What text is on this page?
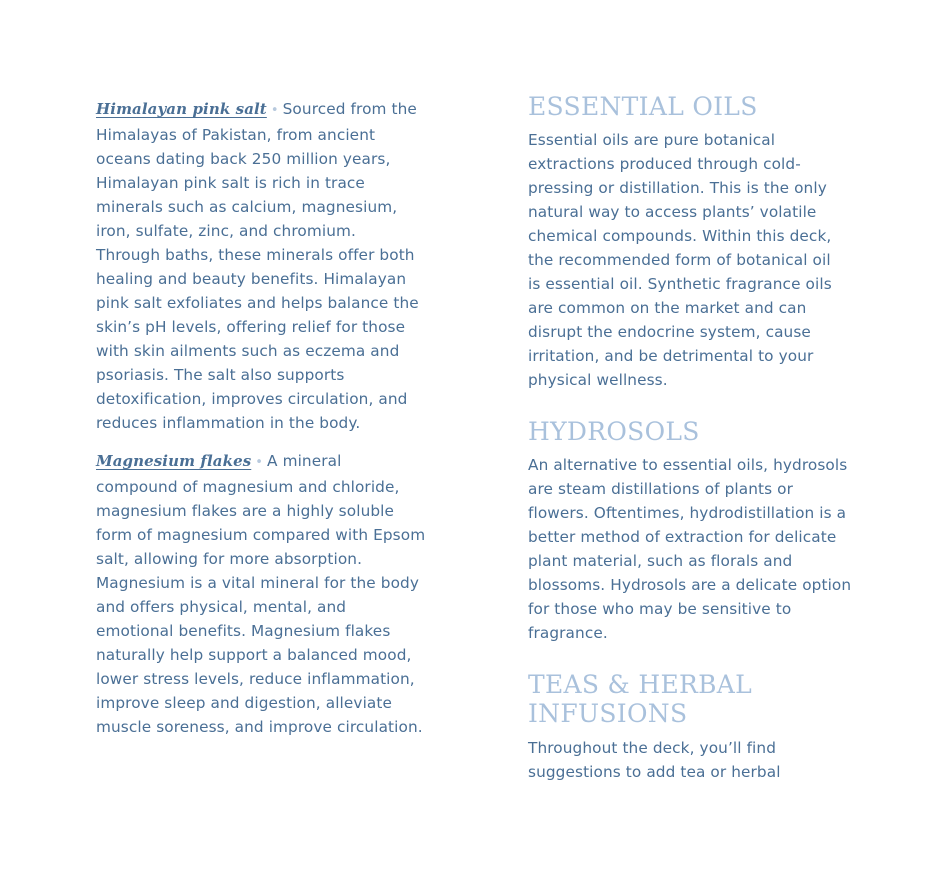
Himalayan pink salt • Sourced from the Himalayas of Pakistan, from ancient oceans dating back 250 million years, Himalayan pink salt is rich in trace minerals such as calcium, magnesium, iron, sulfate, zinc, and chromium. Through baths, these minerals offer both healing and beauty benefits. Himalayan pink salt exfoliates and helps balance the skin’s pH levels, offering relief for those with skin ailments such as eczema and psoriasis. The salt also supports detoxification, improves circulation, and reduces inflammation in the body.

Magnesium flakes • A mineral compound of magnesium and chloride, magnesium flakes are a highly soluble form of magnesium compared with Epsom salt, allowing for more absorption. Magnesium is a vital mineral for the body and offers physical, mental, and emotional benefits. Magnesium flakes naturally help support a balanced mood, lower stress levels, reduce inflammation, improve sleep and digestion, alleviate muscle soreness, and improve circulation.

ESSENTIAL OILS

Essential oils are pure botanical extractions produced through cold-pressing or distillation. This is the only natural way to access plants’ volatile chemical compounds. Within this deck, the recommended form of botanical oil is essential oil. Synthetic fragrance oils are common on the market and can disrupt the endocrine system, cause irritation, and be detrimental to your physical wellness.

HYDROSOLS

An alternative to essential oils, hydrosols are steam distillations of plants or flowers. Oftentimes, hydrodistillation is a better method of extraction for delicate plant material, such as florals and blossoms. Hydrosols are a delicate option for those who may be sensitive to fragrance.

TEAS & HERBAL INFUSIONS

Throughout the deck, you’ll find suggestions to add tea or herbal
